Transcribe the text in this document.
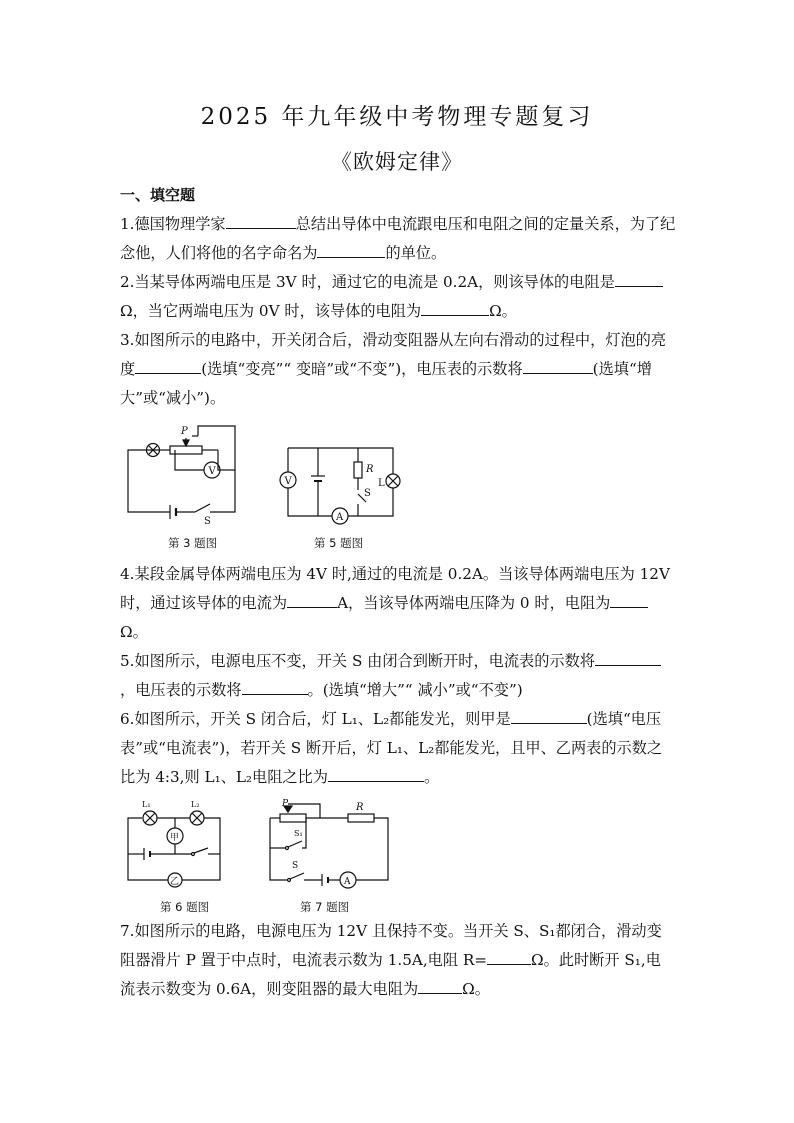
2025 年九年级中考物理专题复习
《欧姆定律》
一、填空题
1.德国物理学家	总结出导体中电流跟电压和电阻之间的定量关系，为了纪念他，人们将他的名字命名为	的单位。
2.当某导体两端电压是 3V 时，通过它的电流是 0.2A，则该导体的电阻是Ω，当它两端电压为 0V 时，该导体的电阻为	Ω。
3.如图所示的电路中，开关闭合后，滑动变阻器从左向右滑动的过程中，灯泡的亮度	(选填“变亮”“ 变暗”或“不变”)，电压表的示数将	(选填“增大”或“减小”)。
P
V
S
第 3 题图
V
A
R
S
L
第 5 题图
4.某段金属导体两端电压为 4V 时,通过的电流是 0.2A。当该导体两端电压为 12V 时，通过该导体的电流为	A，当该导体两端电压降为 0 时，电阻为Ω。
5.如图所示，电源电压不变，开关 S 由闭合到断开时，电流表的示数将，电压表的示数将	。(选填“增大”“ 减小”或“不变”)
6.如图所示，开关 S 闭合后，灯 L₁、L₂都能发光，则甲是	(选填“电压表”或“电流表”)，若开关 S 断开后，灯 L₁、L₂都能发光，且甲、乙两表的示数之比为 4:3,则 L₁、L₂电阻之比为	。
L₁	L₂
甲
乙
第 6 题图
P	R
S₁
S
A
第 7 题图
7.如图所示的电路，电源电压为 12V 且保持不变。当开关 S、S₁都闭合，滑动变阻器滑片 P 置于中点时，电流表示数为 1.5A,电阻 R=	Ω。此时断开 S₁,电流表示数变为 0.6A，则变阻器的最大电阻为	Ω。
